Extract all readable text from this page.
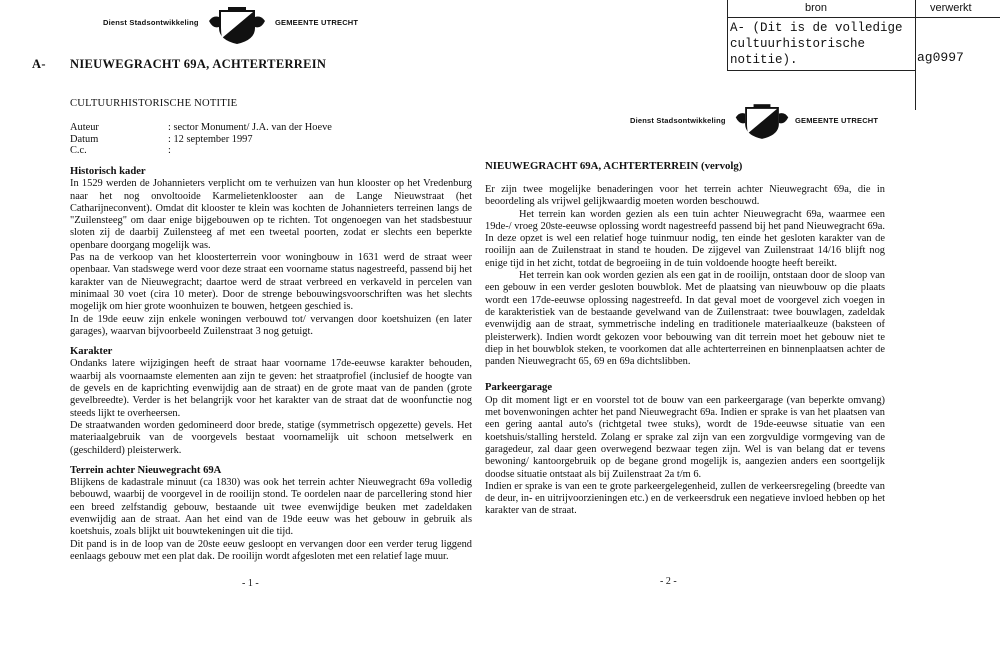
Dienst Stadsontwikkeling	GEMEENTE UTRECHT
A- NIEUWEGRACHT 69A, ACHTERTERREIN
CULTUURHISTORISCHE NOTITIE
Auteur	: sector Monument/ J.A. van der Hoeve
Datum	: 12 september 1997
C.c.	:

Historisch kader

In 1529 werden de Johannieters verplicht om te verhuizen van hun klooster op het Vredenburg naar het nog onvoltooide Karmelietenklooster aan de Lange Nieuwstraat (het Catharijneconvent). Omdat dit klooster te klein was kochten de Johannieters terreinen langs de "Zuilensteeg" om daar enige bijgebouwen op te richten. Tot ongenoegen van het stadsbestuur sloten zij de daarbij Zuilensteeg af met een tweetal poorten, zodat er slechts een beperkte openbare doorgang mogelijk was.

Pas na de verkoop van het kloosterterrein voor woningbouw in 1631 werd de straat weer openbaar. Van stadswege werd voor deze straat een voorname status nagestreefd, passend bij het karakter van de Nieuwegracht; daartoe werd de straat verbreed en verkaveld in percelen van minimaal 30 voet (cira 10 meter). Door de strenge bebouwingsvoorschriften was het slechts mogelijk om hier grote woonhuizen te bouwen, hetgeen geschied is.

In de 19de eeuw zijn enkele woningen verbouwd tot/ vervangen door koetshuizen (en later garages), waarvan bijvoorbeeld Zuilenstraat 3 nog getuigt.

Karakter

Ondanks latere wijzigingen heeft de straat haar voorname 17de-eeuwse karakter behouden, waarbij als voornaamste elementen aan zijn te geven: het straatprofiel (inclusief de hoogte van de gevels en de kaprichting evenwijdig aan de straat) en de grote maat van de panden (grote gevelbreedte). Verder is het belangrijk voor het karakter van de straat dat de woonfunctie nog steeds lijkt te overheersen.

De straatwanden worden gedomineerd door brede, statige (symmetrisch opgezette) gevels. Het materiaalgebruik van de voorgevels bestaat voornamelijk uit schoon metselwerk en (geschilderd) pleisterwerk.

Terrein achter Nieuwegracht 69A

Blijkens de kadastrale minuut (ca 1830) was ook het terrein achter Nieuwegracht 69a volledig bebouwd, waarbij de voorgevel in de rooilijn stond. Te oordelen naar de parcellering stond hier een breed zelfstandig gebouw, bestaande uit twee evenwijdige beuken met zadeldaken evenwijdig aan de straat. Aan het eind van de 19de eeuw was het gebouw in gebruik als koetshuis, zoals blijkt uit bouwtekeningen uit die tijd.

Dit pand is in de loop van de 20ste eeuw gesloopt en vervangen door een verder terug liggend eenlaags gebouw met een plat dak. De rooilijn wordt afgesloten met een relatief lage muur.

- 1 -
Dienst Stadsontwikkeling	GEMEENTE UTRECHT
NIEUWEGRACHT 69A, ACHTERTERREIN (vervolg)

Er zijn twee mogelijke benaderingen voor het terrein achter Nieuwegracht 69a, die in beoordeling als vrijwel gelijkwaardig moeten worden beschouwd.

Het terrein kan worden gezien als een tuin achter Nieuwegracht 69a, waarmee een 19de-/ vroeg 20ste-eeuwse oplossing wordt nagestreefd passend bij het pand Nieuwegracht 69a. In deze opzet is wel een relatief hoge tuinmuur nodig, ten einde het gesloten karakter van de rooilijn aan de Zuilenstraat in stand te houden. De zijgevel van Zuilenstraat 14/16 blijft nog enige tijd in het zicht, totdat de begroeiing in de tuin voldoende hoogte heeft bereikt.

Het terrein kan ook worden gezien als een gat in de rooilijn, ontstaan door de sloop van een gebouw in een verder gesloten bouwblok. Met de plaatsing van nieuwbouw op die plaats wordt een 17de-eeuwse oplossing nagestreefd. In dat geval moet de voorgevel zich voegen in de karakteristiek van de bestaande gevelwand van de Zuilenstraat: twee bouwlagen, zadeldak evenwijdig aan de straat, symmetrische indeling en traditionele materiaalkeuze (baksteen of pleisterwerk). Indien wordt gekozen voor bebouwing van dit terrein moet het gebouw niet te diep in het bouwblok steken, te voorkomen dat alle achterterreinen en binnenplaatsen achter de panden Nieuwegracht 65, 69 en 69a dichtslibben.

Parkeergarage

Op dit moment ligt er en voorstel tot de bouw van een parkeergarage (van beperkte omvang) met bovenwoningen achter het pand Nieuwegracht 69a. Indien er sprake is van het plaatsen van een gering aantal auto's (richtgetal twee stuks), wordt de 19de-eeuwse situatie van een koetshuis/stalling hersteld. Zolang er sprake zal zijn van een zorgvuldige vormgeving van de garagedeur, zal daar geen overwegend bezwaar tegen zijn. Wel is van belang dat er tevens bewoning/ kantoorgebruik op de begane grond mogelijk is, aangezien anders een soortgelijk doodse situatie ontstaat als bij Zuilenstraat 2a t/m 6.

Indien er sprake is van een te grote parkeergelegenheid, zullen de verkeersregeling (breedte van de deur, in- en uitrijvoorzieningen etc.) en de verkeersdruk een negatieve invloed hebben op het karakter van de straat.

- 2 -
bron	verwerkt
A- (Dit is de volledige cultuurhistorische notitie).	ag0997
